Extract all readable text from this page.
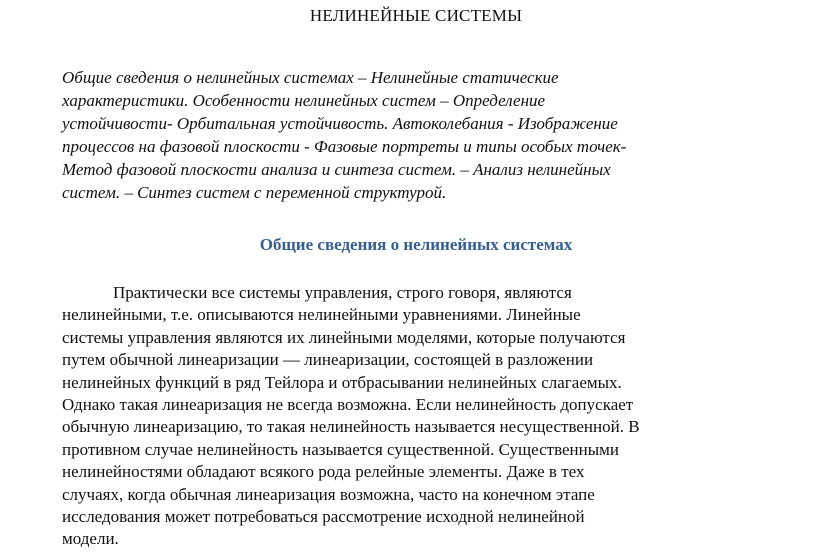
НЕЛИНЕЙНЫЕ СИСТЕМЫ
Общие сведения о нелинейных системах – Нелинейные статические
характеристики. Особенности нелинейных систем – Определение
устойчивости- Орбитальная устойчивость. Автоколебания - Изображение
процессов на фазовой плоскости - Фазовые портреты и типы особых точек-
Метод фазовой плоскости анализа и синтеза систем. – Анализ нелинейных
систем. – Синтез систем с переменной структурой.
Общие сведения о нелинейных системах
Практически все системы управления, строго говоря, являются
нелинейными, т.е. описываются нелинейными уравнениями. Линейные
системы управления являются их линейными моделями, которые получаются
путем обычной линеаризации — линеаризации, состоящей в разложении
нелинейных функций в ряд Тейлора и отбрасывании нелинейных слагаемых.
Однако такая линеаризация не всегда возможна. Если нелинейность допускает
обычную линеаризацию, то такая нелинейность называется несущественной. В
противном случае нелинейность называется существенной. Существенными
нелинейностями обладают всякого рода релейные элементы. Даже в тех
случаях, когда обычная линеаризация возможна, часто на конечном этапе
исследования может потребоваться рассмотрение исходной нелинейной
модели.
